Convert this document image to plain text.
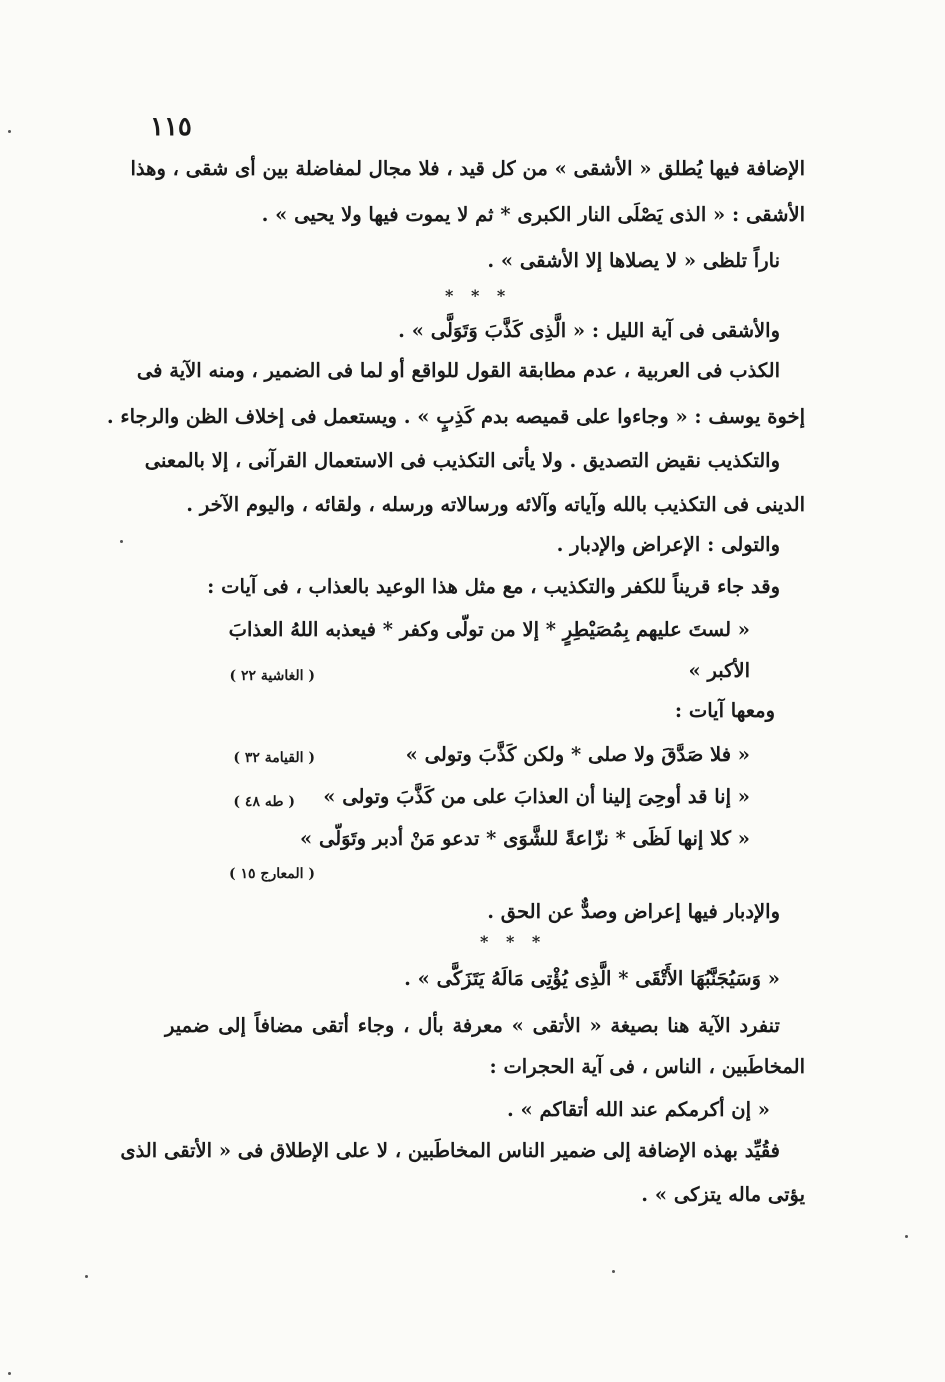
١١٥
الإضافة فيها يُطلق « الأشقى » من كل قيد ، فلا مجال لمفاضلة بين أى شقى ، وهذا
الأشقى : « الذى يَصْلَى النار الكبرى * ثم لا يموت فيها ولا يحيى » .
ناراً تلظى « لا يصلاها إلا الأشقى » .
* * *
والأشقى فى آية الليل : « الَّذِى كَذَّبَ وَتَوَلَّى » .
الكذب فى العربية ، عدم مطابقة القول للواقع أو لما فى الضمير ، ومنه الآية فى
إخوة يوسف : « وجاءوا على قميصه بدم كَذِبٍ » . ويستعمل فى إخلاف الظن والرجاء .
والتكذيب نقيض التصديق . ولا يأتى التكذيب فى الاستعمال القرآنى ، إلا بالمعنى
الدينى فى التكذيب بالله وآياته وآلائه ورسالاته ورسله ، ولقائه ، واليوم الآخر .
والتولى : الإعراض والإدبار .
وقد جاء قريناً للكفر والتكذيب ، مع مثل هذا الوعيد بالعذاب ، فى آيات :
« لستَ عليهم بِمُصَيْطِرٍ * إلا من تولّى وكفر * فيعذبه اللهُ العذابَ
الأكبر »
( الغاشية ٢٢ )
ومعها آيات :
« فلا صَدَّقَ ولا صلى * ولكن كَذَّبَ وتولى »
( القيامة ٣٢ )
« إنا قد أوحِىَ إلينا أن العذابَ على من كَذَّبَ وتولى »
( طه ٤٨ )
« كلا إنها لَظَى * نزّاعةً للشَّوَى * تدعو مَنْ أدبر وتَوَلّى »
( المعارج ١٥ )
والإدبار فيها إعراض وصدٌّ عن الحق .
* * *
« وَسَيُجَنَّبُهَا الأَتْقَى * الَّذِى يُؤْتِى مَالَهُ يَتَزَكَّى » .
تنفرد الآية هنا بصيغة « الأتقى » معرفة بأل ، وجاء أتقى مضافاً إلى ضمير
المخاطَبين ، الناس ، فى آية الحجرات :
« إن أكرمكم عند الله أتقاكم » .
فقُيِّد بهذه الإضافة إلى ضمير الناس المخاطَبين ، لا على الإطلاق فى « الأتقى الذى
يؤتى ماله يتزكى » .
